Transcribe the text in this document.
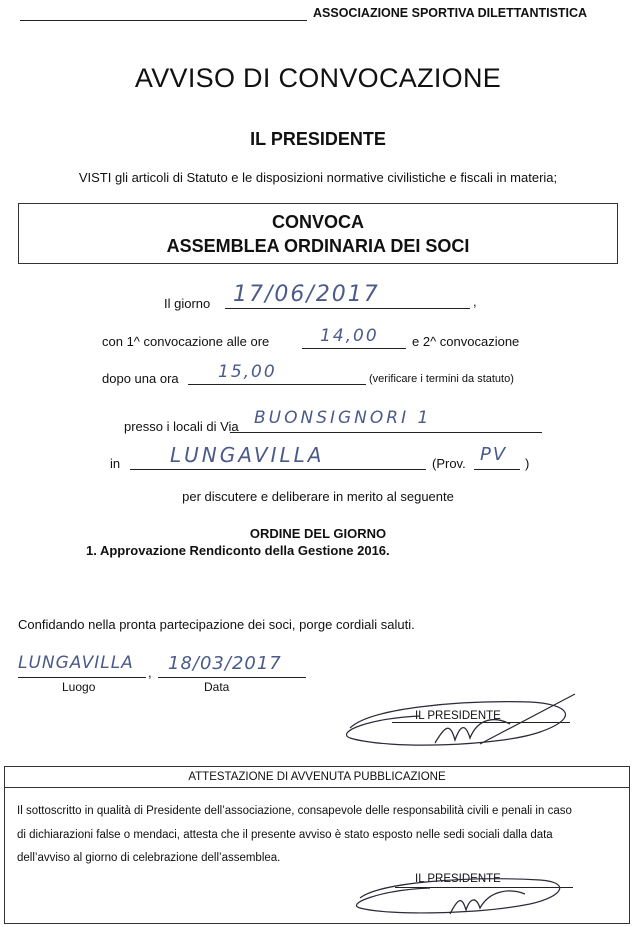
ASSOCIAZIONE SPORTIVA DILETTANTISTICA
AVVISO DI CONVOCAZIONE
IL PRESIDENTE
VISTI gli articoli di Statuto e le disposizioni normative civilistiche e fiscali in materia;
CONVOCA
ASSEMBLEA ORDINARIA DEI SOCI
Il giorno 17/06/2017	,
con 1^ convocazione alle ore	14,00	e 2^ convocazione
dopo una ora 15,00	(verificare i termini da statuto)
presso i locali di Via BUONSIGNORI 1
in LUNGAVILLA	(Prov. PV )
per discutere e deliberare in merito al seguente
ORDINE DEL GIORNO
1. Approvazione Rendiconto della Gestione 2016.
Confidando nella pronta partecipazione dei soci, porge cordiali saluti.
LUNGAVILLA , 18/03/2017
Luogo	Data
IL PRESIDENTE
ATTESTAZIONE DI AVVENUTA PUBBLICAZIONE
Il sottoscritto in qualità di Presidente dell’associazione, consapevole delle responsabilità civili e penali in caso
di dichiarazioni false o mendaci, attesta che il presente avviso è stato esposto nelle sedi sociali dalla data
dell’avviso al giorno di celebrazione dell’assemblea.
IL PRESIDENTE
